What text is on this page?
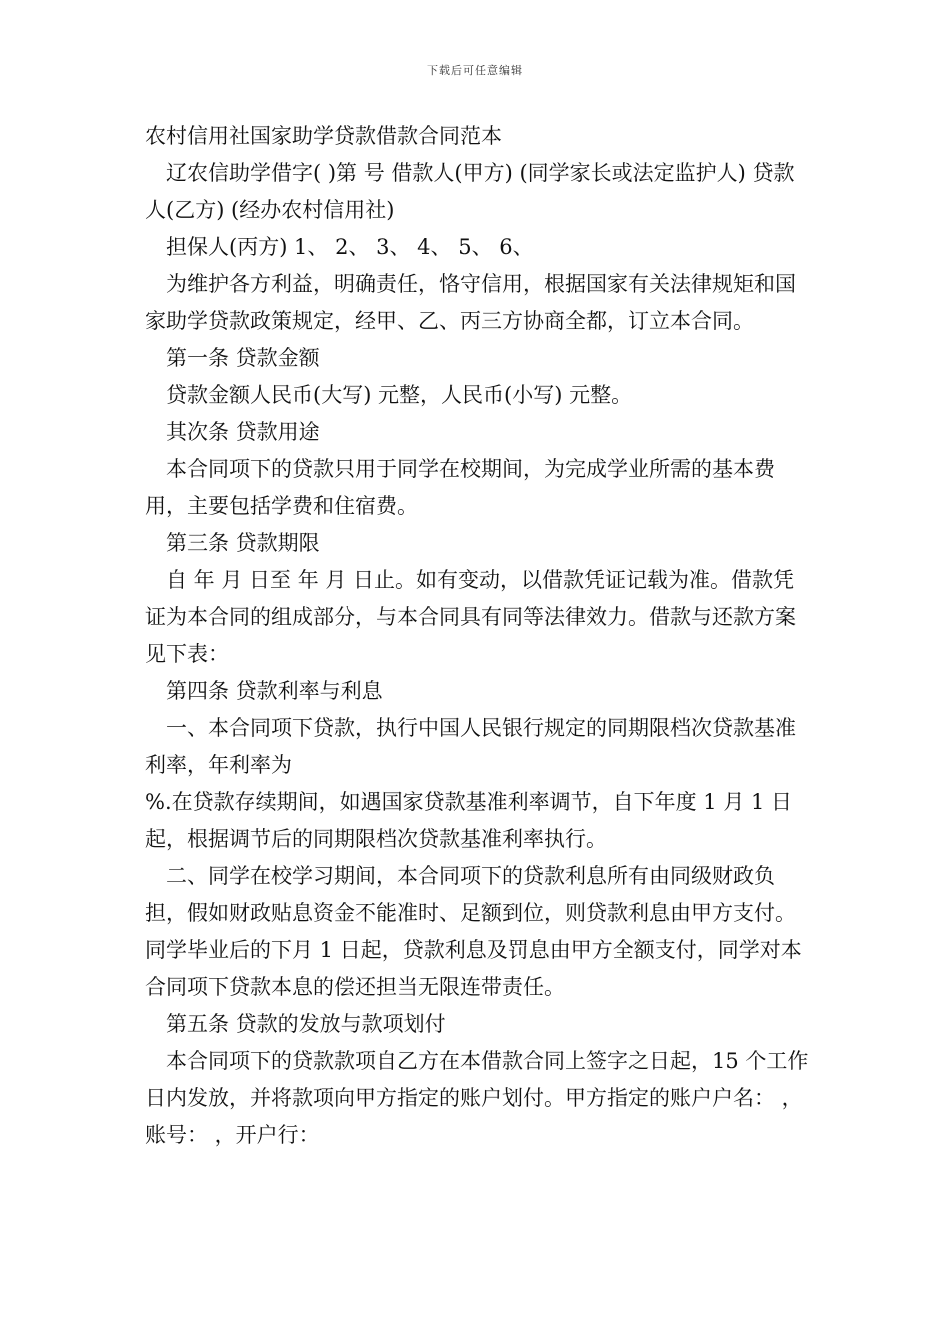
下载后可任意编辑

农村信用社国家助学贷款借款合同范本

辽农信助学借字( )第 号 借款人(甲方) (同学家长或法定监护人) 贷款人(乙方) (经办农村信用社)

担保人(丙方) 1、 2、 3、 4、 5、 6、

为维护各方利益，明确责任，恪守信用，根据国家有关法律规矩和国家助学贷款政策规定，经甲、乙、丙三方协商全都，订立本合同。

第一条 贷款金额

贷款金额人民币(大写) 元整，人民币(小写) 元整。

其次条 贷款用途

本合同项下的贷款只用于同学在校期间，为完成学业所需的基本费用，主要包括学费和住宿费。

第三条 贷款期限

自 年 月 日至 年 月 日止。如有变动，以借款凭证记载为准。借款凭证为本合同的组成部分，与本合同具有同等法律效力。借款与还款方案见下表：

第四条 贷款利率与利息

一、本合同项下贷款，执行中国人民银行规定的同期限档次贷款基准利率，年利率为

%.在贷款存续期间，如遇国家贷款基准利率调节，自下年度 1 月 1 日起，根据调节后的同期限档次贷款基准利率执行。

二、同学在校学习期间，本合同项下的贷款利息所有由同级财政负担，假如财政贴息资金不能准时、足额到位，则贷款利息由甲方支付。同学毕业后的下月 1 日起，贷款利息及罚息由甲方全额支付，同学对本合同项下贷款本息的偿还担当无限连带责任。

第五条 贷款的发放与款项划付

本合同项下的贷款款项自乙方在本借款合同上签字之日起，15 个工作日内发放，并将款项向甲方指定的账户划付。甲方指定的账户户名： ，账号： ，开户行：
